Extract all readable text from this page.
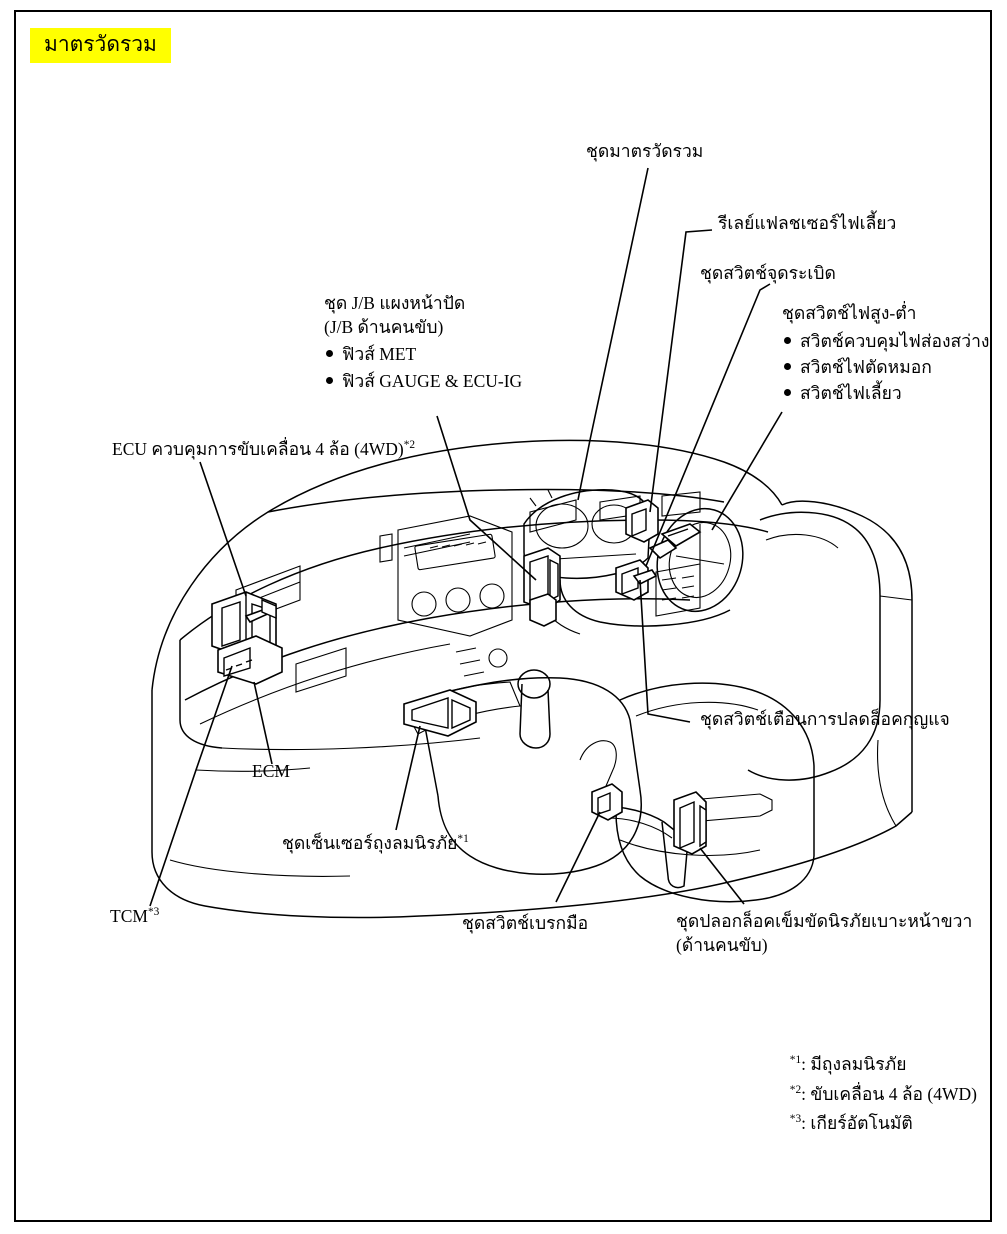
มาตรวัดรวม
ชุดมาตรวัดรวม
รีเลย์แฟลชเซอร์ไฟเลี้ยว
ชุดสวิตช์จุดระเบิด
ชุดสวิตช์ไฟสูง-ต่ำ
สวิตช์ควบคุมไฟส่องสว่าง
สวิตช์ไฟตัดหมอก
สวิตช์ไฟเลี้ยว
ชุด J/B แผงหน้าปัด
(J/B ด้านคนขับ)
ฟิวส์ MET
ฟิวส์ GAUGE & ECU-IG
ECU ควบคุมการขับเคลื่อน 4 ล้อ $(4WD)^{*2}$
ECM
TCM$^{*3}$
ชุดเซ็นเซอร์ถุงลมนิรภัย$^{*1}$
ชุดสวิตช์เบรกมือ	ชุดปลอกล็อคเข็มขัดนิรภัยเบาะหน้าขวา
(ด้านคนขับ)
ชุดสวิตช์เตือนการปลดล็อคกุญแจ
$^{*1}$: มีถุงลมนิรภัย
$^{*2}$: ขับเคลื่อน 4 ล้อ (4WD)
$^{*3}$: เกียร์อัตโนมัติ
